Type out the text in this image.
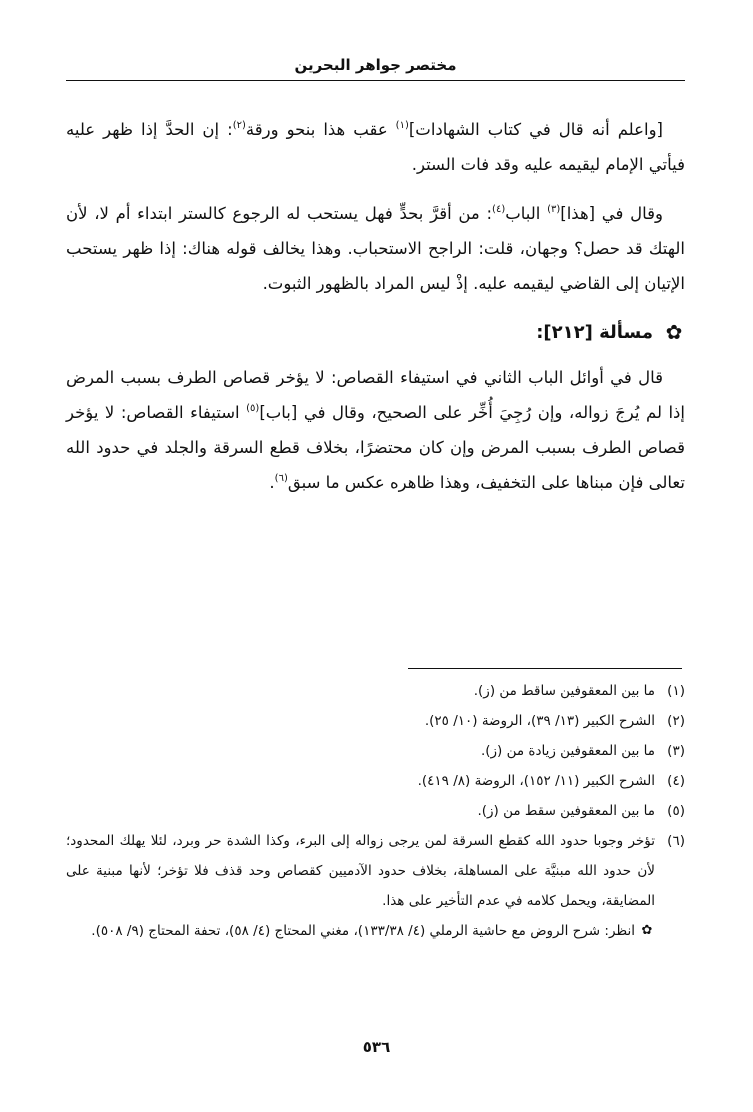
مختصر جواهر البحرين

[واعلم أنه قال في كتاب الشهادات]$^{(١)}$ عقب هذا بنحو ورقة$^{(٢)}$: إن الحدَّ إذا ظهر عليه فيأتي الإمام ليقيمه عليه وقد فات الستر.

وقال في [هذا]$^{(٣)}$ الباب$^{(٤)}$: من أقرَّ بحدٍّ فهل يستحب له الرجوع كالستر ابتداء أم لا، لأن الهتك قد حصل؟ وجهان، قلت: الراجح الاستحباب. وهذا يخالف قوله هناك: إذا ظهر يستحب الإتيان إلى القاضي ليقيمه عليه. إذْ ليس المراد بالظهور الثبوت.

✿
مسألة [٢١٢]:

قال في أوائل الباب الثاني في استيفاء القصاص: لا يؤخر قصاص الطرف بسبب المرض إذا لم يُرجَ زواله، وإن رُجِيَ أُخِّر على الصحيح، وقال في [باب]$^{(٥)}$ استيفاء القصاص: لا يؤخر قصاص الطرف بسبب المرض وإن كان محتضرًا، بخلاف قطع السرقة والجلد في حدود الله تعالى فإن مبناها على التخفيف، وهذا ظاهره عكس ما سبق$^{(٦)}$.

(١)
ما بين المعقوفين ساقط من (ز).
(٢)
الشرح الكبير (١٣/ ٣٩)، الروضة (١٠/ ٢٥).
(٣)
ما بين المعقوفين زيادة من (ز).
(٤)
الشرح الكبير (١١/ ١٥٢)، الروضة (٨/ ٤١٩).
(٥)
ما بين المعقوفين سقط من (ز).
(٦)
تؤخر وجوبا حدود الله كقطع السرقة لمن يرجى زواله إلى البرء، وكذا الشدة حر وبرد، لئلا يهلك المحدود؛ لأن حدود الله مبنيَّة على المساهلة، بخلاف حدود الآدميين كقصاص وحد قذف فلا تؤخر؛ لأنها مبنية على المضايقة، ويحمل كلامه في عدم التأخير على هذا.
✿
انظر: شرح الروض مع حاشية الرملي (٤/ ١٣٣/٣٨)، مغني المحتاج (٤/ ٥٨)، تحفة المحتاج (٩/ ٥٠٨).
٥٣٦
